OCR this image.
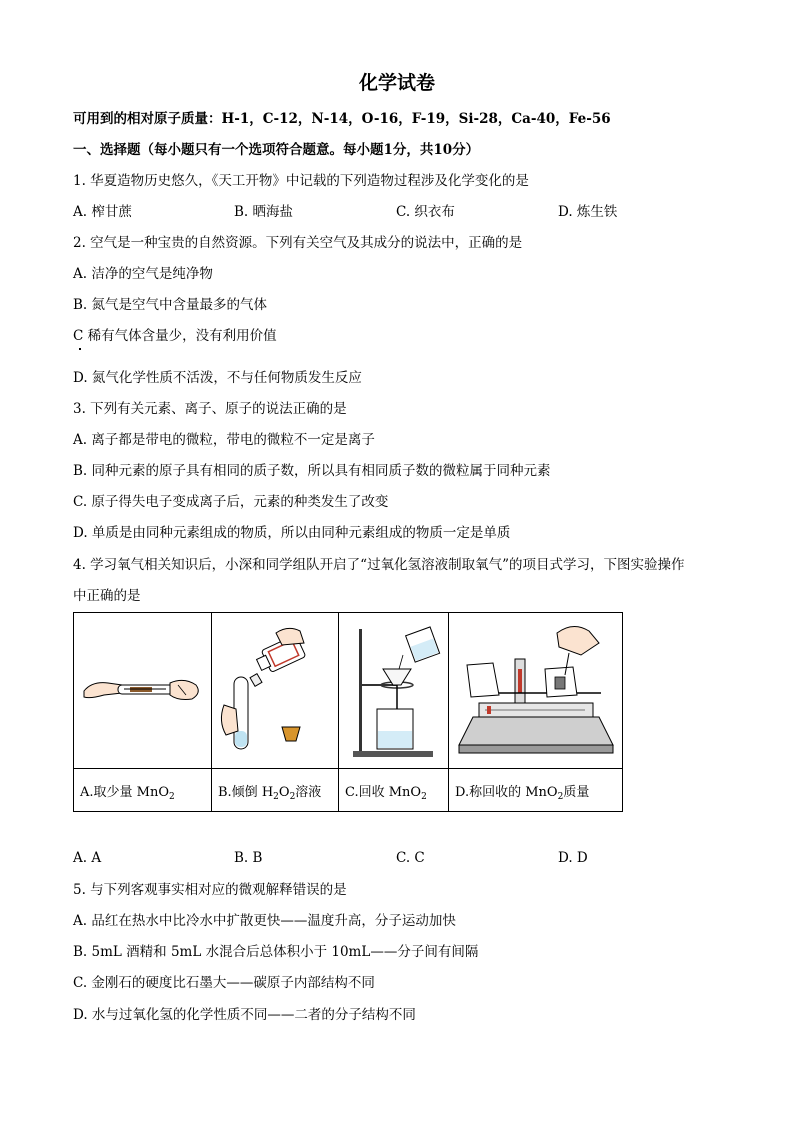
化学试卷
可用到的相对原子质量：H-1，C-12，N-14，O-16，F-19，Si-28，Ca-40，Fe-56
一、选择题（每小题只有一个选项符合题意。每小题1分，共10分）
1. 华夏造物历史悠久，《天工开物》中记载的下列造物过程涉及化学变化的是
A. 榨甘蔗	B. 晒海盐	C. 织衣布	D. 炼生铁
2. 空气是一种宝贵的自然资源。下列有关空气及其成分的说法中，正确的是
A. 洁净的空气是纯净物
B. 氮气是空气中含量最多的气体
C 稀有气体含量少，没有利用价值
D. 氮气化学性质不活泼，不与任何物质发生反应
3. 下列有关元素、离子、原子的说法正确的是
A. 离子都是带电的微粒，带电的微粒不一定是离子
B. 同种元素的原子具有相同的质子数，所以具有相同质子数的微粒属于同种元素
C. 原子得失电子变成离子后，元素的种类发生了改变
D. 单质是由同种元素组成的物质，所以由同种元素组成的物质一定是单质
4. 学习氧气相关知识后，小深和同学组队开启了“过氧化氢溶液制取氧气”的项目式学习，下图实验操作
中正确的是

A.取少量 MnO$_2$	B.倾倒 $H_2O_2$溶液	C.回收 MnO$_2$	D.称回收的 MnO$_2$质量
A. A	B. B	C. C	D. D
5. 与下列客观事实相对应的微观解释错误的是
A. 品红在热水中比冷水中扩散更快——温度升高，分子运动加快
B. 5mL 酒精和 5mL 水混合后总体积小于 10mL——分子间有间隔
C. 金刚石的硬度比石墨大——碳原子内部结构不同
D. 水与过氧化氢的化学性质不同——二者的分子结构不同
